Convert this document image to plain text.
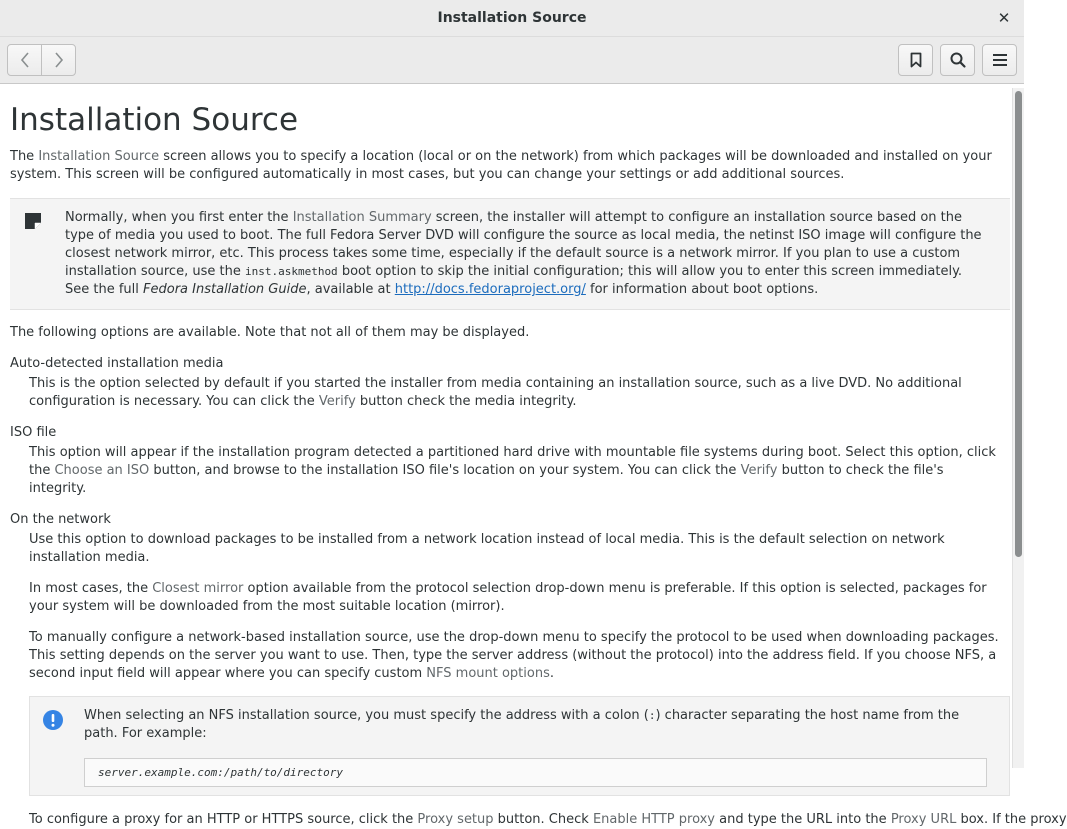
Installation Source	✕
Installation Source

The Installation Source screen allows you to specify a location (local or on the network) from which packages will be downloaded and installed on your system. This screen will be configured automatically in most cases, but you can change your settings or add additional sources.

Normally, when you first enter the Installation Summary screen, the installer will attempt to configure an installation source based on the type of media you used to boot. The full Fedora Server DVD will configure the source as local media, the netinst ISO image will configure the closest network mirror, etc. This process takes some time, especially if the default source is a network mirror. If you plan to use a custom installation source, use the inst.askmethod boot option to skip the initial configuration; this will allow you to enter this screen immediately. See the full Fedora Installation Guide, available at http://docs.fedoraproject.org/ for information about boot options.

The following options are available. Note that not all of them may be displayed.

Auto-detected installation media

This is the option selected by default if you started the installer from media containing an installation source, such as a live DVD. No additional configuration is necessary. You can click the Verify button check the media integrity.

ISO file

This option will appear if the installation program detected a partitioned hard drive with mountable file systems during boot. Select this option, click the Choose an ISO button, and browse to the installation ISO file's location on your system. You can click the Verify button to check the file's integrity.

On the network

Use this option to download packages to be installed from a network location instead of local media. This is the default selection on network installation media.

In most cases, the Closest mirror option available from the protocol selection drop-down menu is preferable. If this option is selected, packages for your system will be downloaded from the most suitable location (mirror).

To manually configure a network-based installation source, use the drop-down menu to specify the protocol to be used when downloading packages. This setting depends on the server you want to use. Then, type the server address (without the protocol) into the address field. If you choose NFS, a second input field will appear where you can specify custom NFS mount options.

When selecting an NFS installation source, you must specify the address with a colon (:) character separating the host name from the path. For example:

server.example.com:/path/to/directory

To configure a proxy for an HTTP or HTTPS source, click the Proxy setup button. Check Enable HTTP proxy and type the URL into the Proxy URL box. If the proxy
